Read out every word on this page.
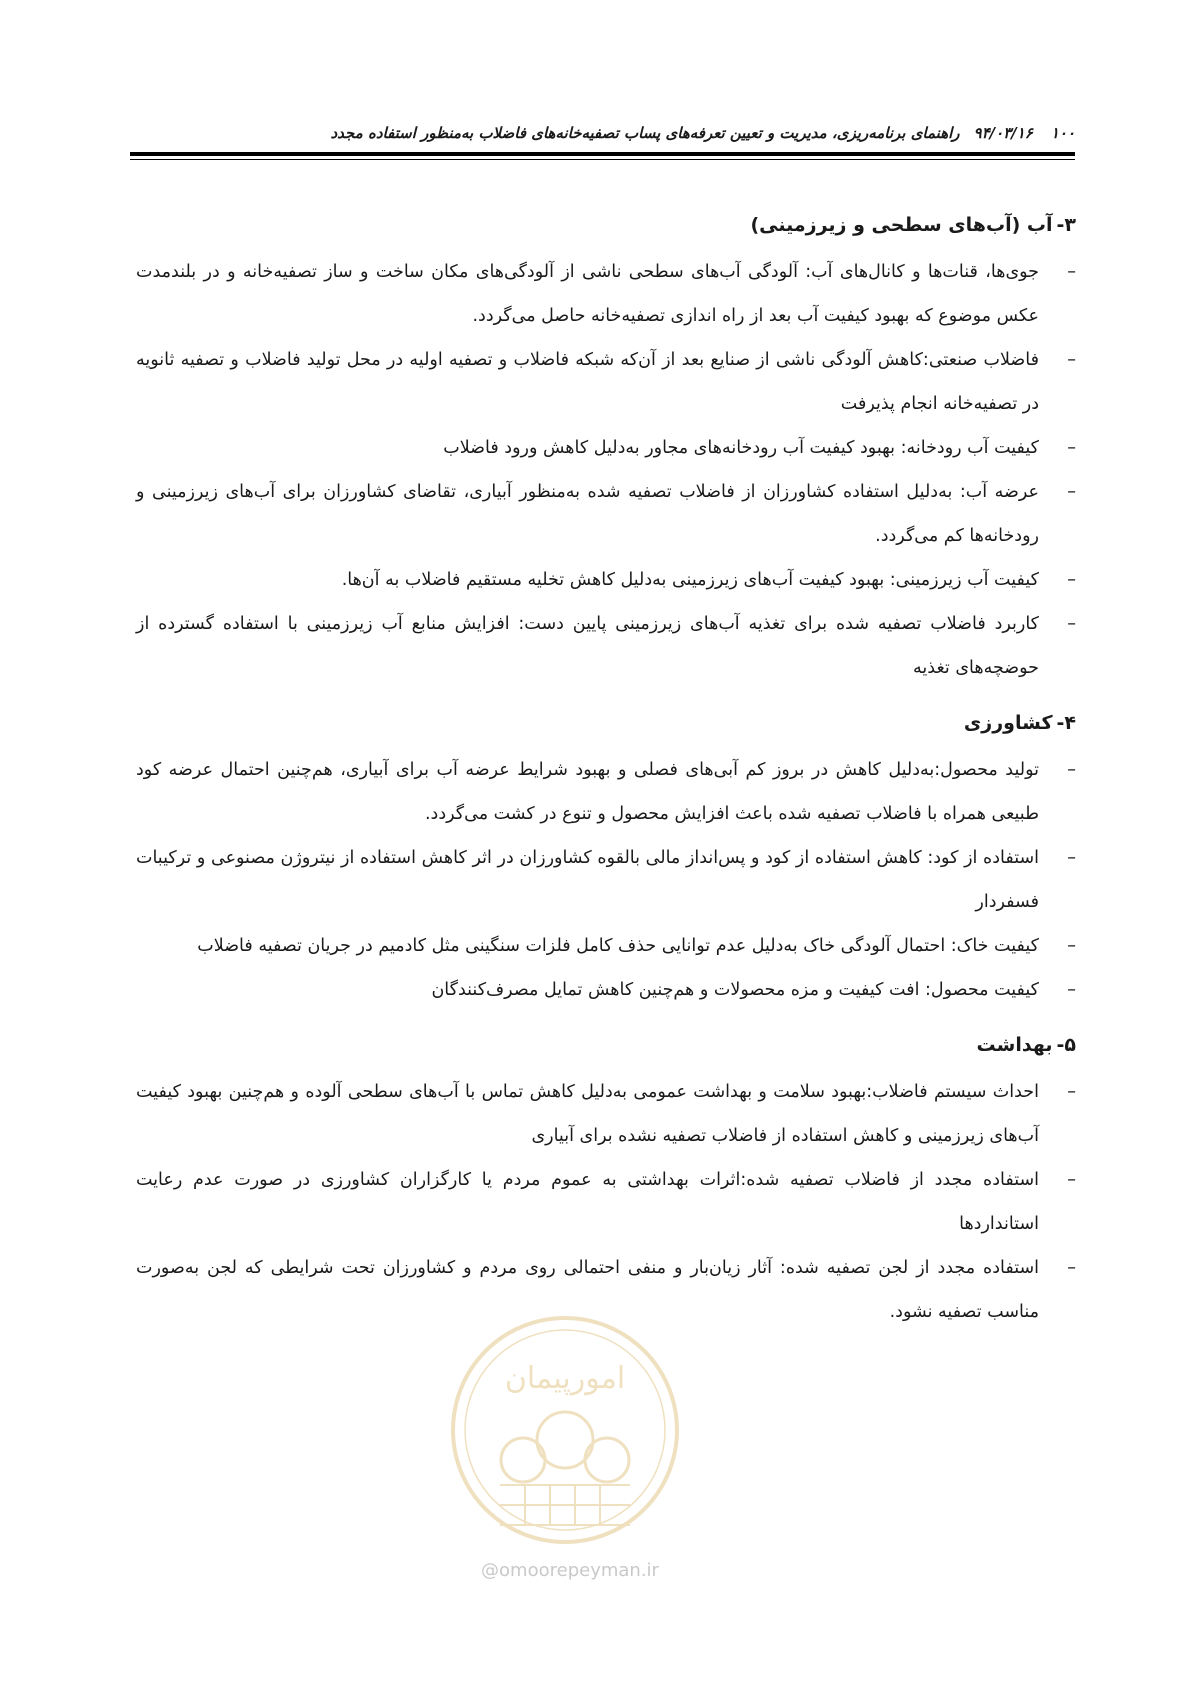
۱۰۰
۹۴/۰۳/۱۶
راهنمای برنامه‌ریزی، مدیریت و تعیین تعرفه‌های پساب تصفیه‌خانه‌های فاضلاب به‌منظور استفاده مجدد
۳-آب (آب‌های سطحی و زیرزمینی)
–
جوی‌ها، قنات‌ها و کانال‌های آب: آلودگی آب‌های سطحی ناشی از آلودگی‌های مکان ساخت و ساز تصفیه‌خانه و در بلندمدت عکس موضوع که بهبود کیفیت آب بعد از راه اندازی تصفیه‌خانه حاصل می‌گردد.
–
فاضلاب صنعتی:کاهش آلودگی ناشی از صنایع بعد از آن‌که شبکه فاضلاب و تصفیه اولیه در محل تولید فاضلاب و تصفیه ثانویه در تصفیه‌خانه انجام پذیرفت
–
کیفیت آب رودخانه: بهبود کیفیت آب رودخانه‌های مجاور به‌دلیل کاهش ورود فاضلاب
–
عرضه آب: به‌دلیل استفاده کشاورزان از فاضلاب تصفیه شده به‌منظور آبیاری، تقاضای کشاورزان برای آب‌های زیرزمینی و رودخانه‌ها کم می‌گردد.
–
کیفیت آب زیرزمینی: بهبود کیفیت آب‌های زیرزمینی به‌دلیل کاهش تخلیه مستقیم فاضلاب به آن‌ها.
–
کاربرد فاضلاب تصفیه شده برای تغذیه آب‌های زیرزمینی پایین دست: افزایش منابع آب زیرزمینی با استفاده گسترده از حوضچه‌های تغذیه
۴-کشاورزی
–
تولید محصول:به‌دلیل کاهش در بروز کم آبی‌های فصلی و بهبود شرایط عرضه آب برای آبیاری، هم‌چنین احتمال عرضه کود طبیعی همراه با فاضلاب تصفیه شده باعث افزایش محصول و تنوع در کشت می‌گردد.
–
استفاده از کود: کاهش استفاده از کود و پس‌انداز مالی بالقوه کشاورزان در اثر کاهش استفاده از نیتروژن مصنوعی و ترکیبات فسفردار
–
کیفیت خاک: احتمال آلودگی خاک به‌دلیل عدم توانایی حذف کامل فلزات سنگینی مثل کادمیم در جریان تصفیه فاضلاب
–
کیفیت محصول: افت کیفیت و مزه محصولات و هم‌چنین کاهش تمایل مصرف‌کنندگان
۵-بهداشت
–
احداث سیستم فاضلاب:بهبود سلامت و بهداشت عمومی به‌دلیل کاهش تماس با آب‌های سطحی آلوده و هم‌چنین بهبود کیفیت آب‌های زیرزمینی و کاهش استفاده از فاضلاب تصفیه نشده برای آبیاری
–
استفاده مجدد از فاضلاب تصفیه شده:اثرات بهداشتی به عموم مردم یا کارگزاران کشاورزی در صورت عدم رعایت استانداردها
–
استفاده مجدد از لجن تصفیه شده: آثار زیان‌بار و منفی احتمالی روی مردم و کشاورزان تحت شرایطی که لجن به‌صورت مناسب تصفیه نشود.
امورپیمان
@omoorepeyman.ir
